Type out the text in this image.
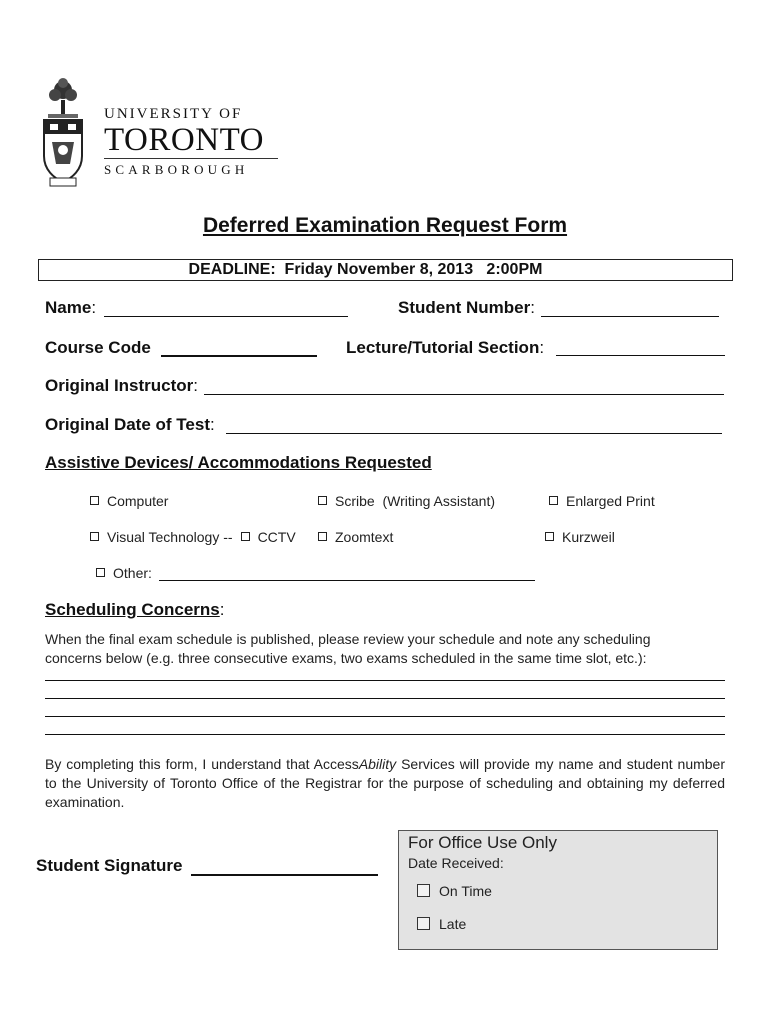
UNIVERSITY OF
TORONTO
SCARBOROUGH
Deferred Examination Request Form
DEADLINE:  Friday November 8, 2013   2:00PM
Name:	Student Number:
Course Code	Lecture/Tutorial Section:
Original Instructor:
Original Date of Test:
Assistive Devices/ Accommodations Requested
Computer	Scribe  (Writing Assistant)	Enlarged Print
Visual Technology -- CCTV	Zoomtext	Kurzweil
Other:
Scheduling Concerns:
When the final exam schedule is published, please review your schedule and note any scheduling
concerns below (e.g. three consecutive exams, two exams scheduled in the same time slot, etc.):
By completing this form, I understand that AccessAbility Services will provide my name and student number to the University of Toronto Office of the Registrar for the purpose of scheduling and obtaining my deferred examination.
Student Signature
For Office Use Only
Date Received:
On Time
Late
